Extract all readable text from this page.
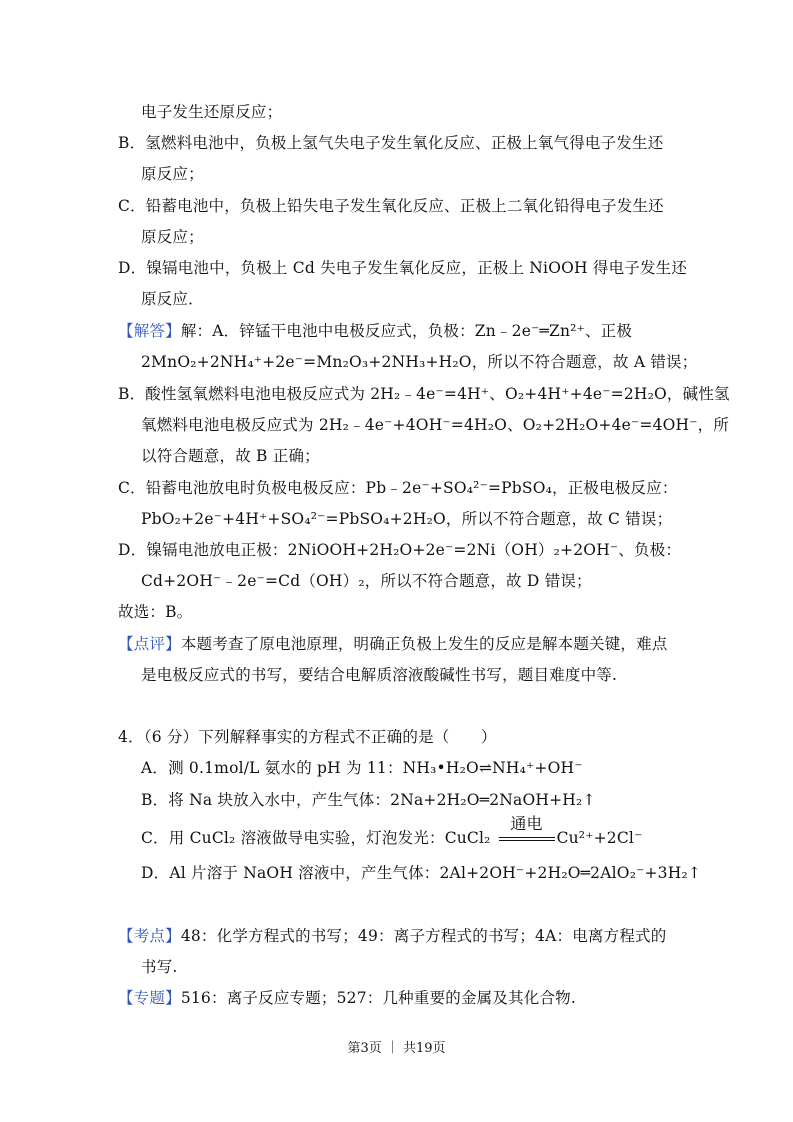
电子发生还原反应；
B．氢燃料电池中，负极上氢气失电子发生氧化反应、正极上氧气得电子发生还
原反应；
C．铅蓄电池中，负极上铅失电子发生氧化反应、正极上二氧化铅得电子发生还
原反应；
D．镍镉电池中，负极上 Cd 失电子发生氧化反应，正极上 NiOOH 得电子发生还
原反应．
【解答】解：A．锌锰干电池中电极反应式，负极：Zn﹣2e⁻═Zn²⁺、正极
2MnO₂+2NH₄⁺+2e⁻=Mn₂O₃+2NH₃+H₂O，所以不符合题意，故 A 错误；
B．酸性氢氧燃料电池电极反应式为 2H₂﹣4e⁻=4H⁺、O₂+4H⁺+4e⁻=2H₂O，碱性氢
氧燃料电池电极反应式为 2H₂﹣4e⁻+4OH⁻=4H₂O、O₂+2H₂O+4e⁻=4OH⁻，所
以符合题意，故 B 正确；
C．铅蓄电池放电时负极电极反应：Pb﹣2e⁻+SO₄²⁻=PbSO₄，正极电极反应：
PbO₂+2e⁻+4H⁺+SO₄²⁻=PbSO₄+2H₂O，所以不符合题意，故 C 错误；
D．镍镉电池放电正极：2NiOOH+2H₂O+2e⁻=2Ni（OH）₂+2OH⁻、负极：
Cd+2OH⁻﹣2e⁻=Cd（OH）₂，所以不符合题意，故 D 错误；
故选：B。
【点评】本题考查了原电池原理，明确正负极上发生的反应是解本题关键，难点
是电极反应式的书写，要结合电解质溶液酸碱性书写，题目难度中等.
4．（6 分）下列解释事实的方程式不正确的是（　　）
A．测 0.1mol/L 氨水的 pH 为 11：NH₃•H₂O⇌NH₄⁺+OH⁻
B．将 Na 块放入水中，产生气体：2Na+2H₂O═2NaOH+H₂↑
C．用 CuCl₂ 溶液做导电实验，灯泡发光：CuCl₂
通电
Cu²⁺+2Cl⁻
D．Al 片溶于 NaOH 溶液中，产生气体：2Al+2OH⁻+2H₂O═2AlO₂⁻+3H₂↑
【考点】48：化学方程式的书写；49：离子方程式的书写；4A：电离方程式的
书写.
【专题】516：离子反应专题；527：几种重要的金属及其化合物.
第3页 ｜ 共19页
